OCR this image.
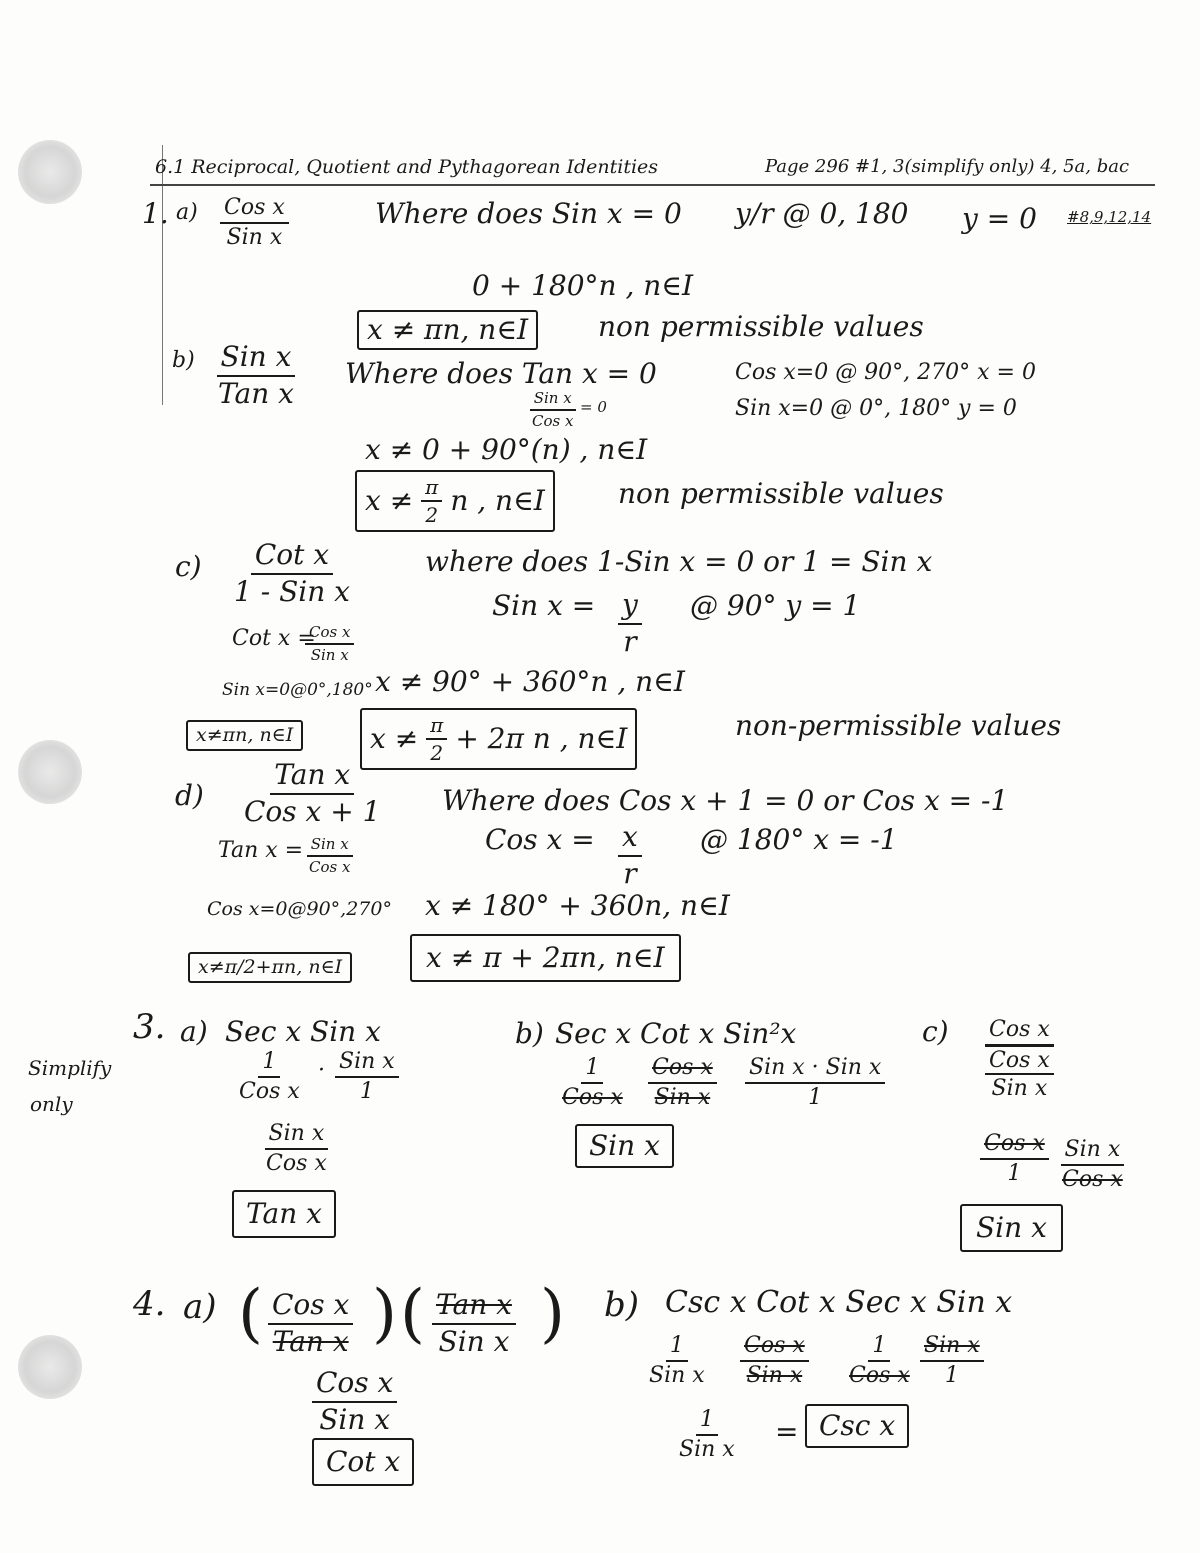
6.1 Reciprocal, Quotient and Pythagorean Identities	Page 296 #1, 3(simplify only) 4, 5a, bac
1. a) Cos x
Sin x
Where does Sin x = 0 y/r @ 0, 180 y = 0 #8,9,12,14
0 + 180°n , n∈I
x ≠ πn, n∈I	non permissible values
b) Sin x
Tan x
Where does Tan x = 0
Sin x
Cos x
= 0
Cos x=0 @ 90°, 270° x = 0
Sin x=0 @ 0°, 180° y = 0
x ≠ 0 + 90°(n) , n∈I
$x \ne \frac{\pi}{2}$ n , n∈I	non permissible values
c) Cot x
1 - Sin x
where does 1-Sin x = 0 or 1 = Sin x
Sin $x = \frac{y}{r}$ @ 90° y = 1
Cot x =
Cos x
Sin x
Sin x=0@0°,180° x ≠ 90° + 360°n , n∈I
x≠πn, n∈I	$x \ne \frac{\pi}{2} + 2\pi$ n , n∈I	non-permissible values
d)
Tan x
Cos x + 1 Where does Cos x + 1 = 0 or Cos x = -1
Cos $x = \frac{x}{r}$ @ 180° x = -1
Tan x = Sin x
Cos x
Cos x=0@90°,270° x ≠ 180° + 360n, n∈I
x≠π/2+πn, n∈I	x ≠ π + 2πn, n∈I
Simplify
only
3. a) Sec x Sin x
1
Cos x
· Sin x
1
Sin x
Cos x
Tan x
b) Sec x Cot x Sin²x
1
Cos x
Cos x
Sin x
Sin x · Sin x
1
Sin x
c) Cos x
Cos x
Sin x
Cos x
1
Sin x
Cos x
Sin x
4. a) ( Cos x
Tan x ) ( Tan x
Sin x )
Cos x
Sin x
Cot x
b) Csc x Cot x Sec x Sin x
1
Sin x
Cos x
Sin x
1
Cos x
Sin x
1
1
Sin x
= Csc x
